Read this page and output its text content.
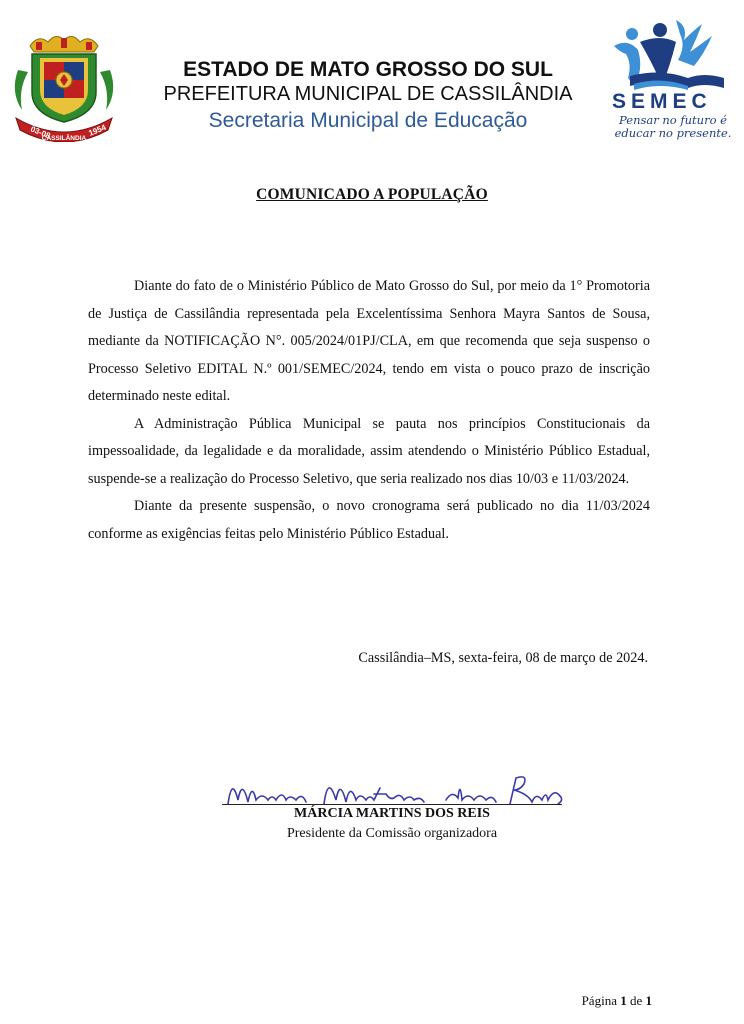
03-08
CASSILÂNDIA
1954
ESTADO DE MATO GROSSO DO SUL
PREFEITURA MUNICIPAL DE CASSILÂNDIA
Secretaria Municipal de Educação
SEMEC
Pensar no futuro é
educar no presente.
COMUNICADO A POPULAÇÃO

Diante do fato de o Ministério Público de Mato Grosso do Sul, por meio da 1° Promotoria de Justiça de Cassilândia representada pela Excelentíssima Senhora Mayra Santos de Sousa, mediante da NOTIFICAÇÃO N°. 005/2024/01PJ/CLA, em que recomenda que seja suspenso o Processo Seletivo EDITAL N.º 001/SEMEC/2024, tendo em vista o pouco prazo de inscrição determinado neste edital.

A Administração Pública Municipal se pauta nos princípios Constitucionais da impessoalidade, da legalidade e da moralidade, assim atendendo o Ministério Público Estadual, suspende-se a realização do Processo Seletivo, que seria realizado nos dias 10/03 e 11/03/2024.

Diante da presente suspensão, o novo cronograma será publicado no dia 11/03/2024 conforme as exigências feitas pelo Ministério Público Estadual.

Cassilândia–MS, sexta-feira, 08 de março de 2024.
MÁRCIA MARTINS DOS REIS
Presidente da Comissão organizadora
Página 1 de 1
